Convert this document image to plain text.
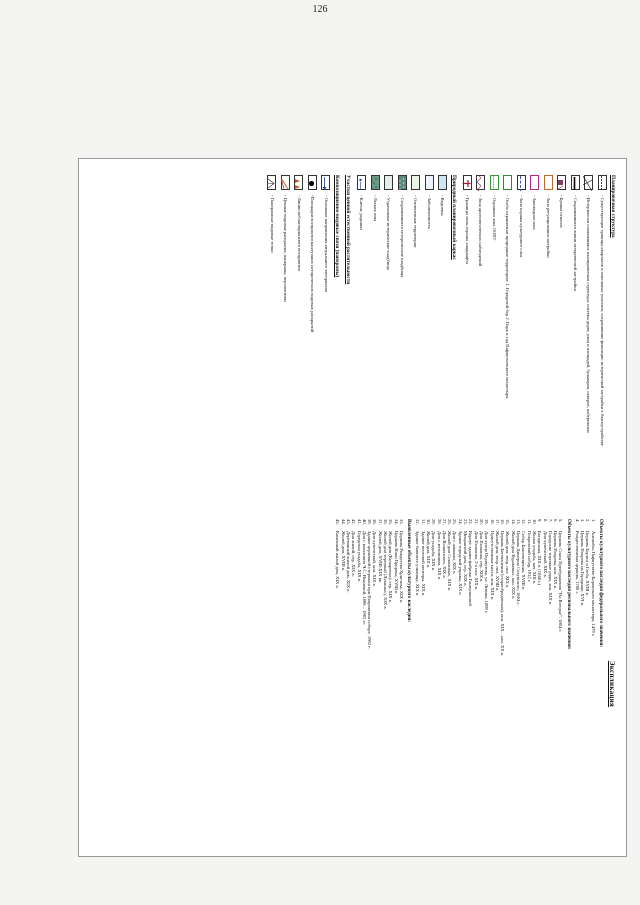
126
Планировочная структура
- Существующие границы кварталов и земельных участков, сохранившие фиксацию исторической застройки в благоустройстве
- Исторически сложившаяся планировочная структура: система дорог, улиц и площадей, бульваров, скверов, набережных
- Сохранившиеся линии исторической застройки
- Бровка откосов
- Зона регулирования застройки
- Заповедная зона
- Зона охраны культурного слоя
- Особо охраняемые природные территории: 1. Городской бор 2. Парк и сад Пафнутьевского монастыря
- Охранная зона ООПТ
- Зона археологических наблюдений
- Границы зоны охраны ландшафта
Природный планировочный каркас
- Водоемы
- Заболоченность
- Озелененные территории
- Сохранившиеся исторические кладбища
- Утраченные исторические кладбища
- Лесная зона
- Ключи, родники
Участки ценной естественной растительности
Композиционно-видовые связи (панорамы)
- Основные направления визуального восприятия
-Площадки восприятия наилучших исторических видовых раскрытий
- Линии неблагоприятного восприятия
- Ценные видовые раскрытия, панорамы, перспективы
- Панорамные видовые точки
Экспликация
Объекты культурного наследия федерального значения:
1.Ансамбль Пафнутьево-Боровского монастыря, 1479 г.
2.Церковь Бориса и Глеба, XVIII в.
3.Церковь Покрова на Городище, XVI в.
4.Рождественская церковь, 1708 г.
Объекты культурного наследия регионального значения:
5.Церковь Спаса Преображения "На Взгорье", 1804 г.
6.Церковь Покрова, кон. XIX в.
7.Городские торговые ряды, кон. XIX в.
8.Дом купеческий, XIX в.
9.Богадельня, XIX в. (1848 г.)
10.Жилая усадьба, нач. XIX в.
11.Покровский собор, 1912 г.
12.Собор Благовещения, XVIII в.
13.Церковь Дмитрия Солунского, 1804 г.
14.Жилой дом Кураковых, кон. XIX в.
15.Жилой дом, втор. пол. XIX в.
16.Церковь Богоявления (старообрядческая), кон. XIX – нач. XX в.
17.Жилой дом, втор. пол. XVIII в.
18.Присутственные места, кон. XIX в.
19.Дом купца Першутова, ул. Ленина, 1899 г.
20.Дом Полякова, сер. XIX в.
21.Дом Полякова, 2-я пол. XIX в.
22.Корпус здания фабрики Ганнушкиной
23.Мещанский дом, сер. XIX в.
24.Здание городской управы, XIX в.
25.Дом с лавками, XIX в.
26.Жилой дом Соколовых, XIX в.
27.Дом Волконских, XIX в.
28.Дом с мезонином, XIX в.
29.Дом-усадьба, XIX в.
30.Жилой дом, XIX в.
31.Здание почтовой конторы, XIX в.
32.Здание бывшего училища, XIX в.
Выявленные объекты культурного наследия:
33.Церковь Рождества Христова, XIX в.
34.Церковь Ильи Пророка, XVIII в.
35.Жилой дом (Козыревых), сер. XIX в.
36.Жилой дом торговый (Лукиных), XIX в.
37.Жилой дом, XVIII-XIX вв.
38.Дом купеческий, кон. XIX в.
39.Здание церковной сторожки при Покровском соборе, 1902 г.
40.Дом с магазином Ч.С. Ивановой, 1898 – 1902 гг.
41.Городская усадьба, XIX в.
42.Дом жилой, сер. XIX в.
43.Деревянный жилой дом, XIX в.
44.Жилой дом, XVIII в.
45.Каменный жилой дом, XIX в.
